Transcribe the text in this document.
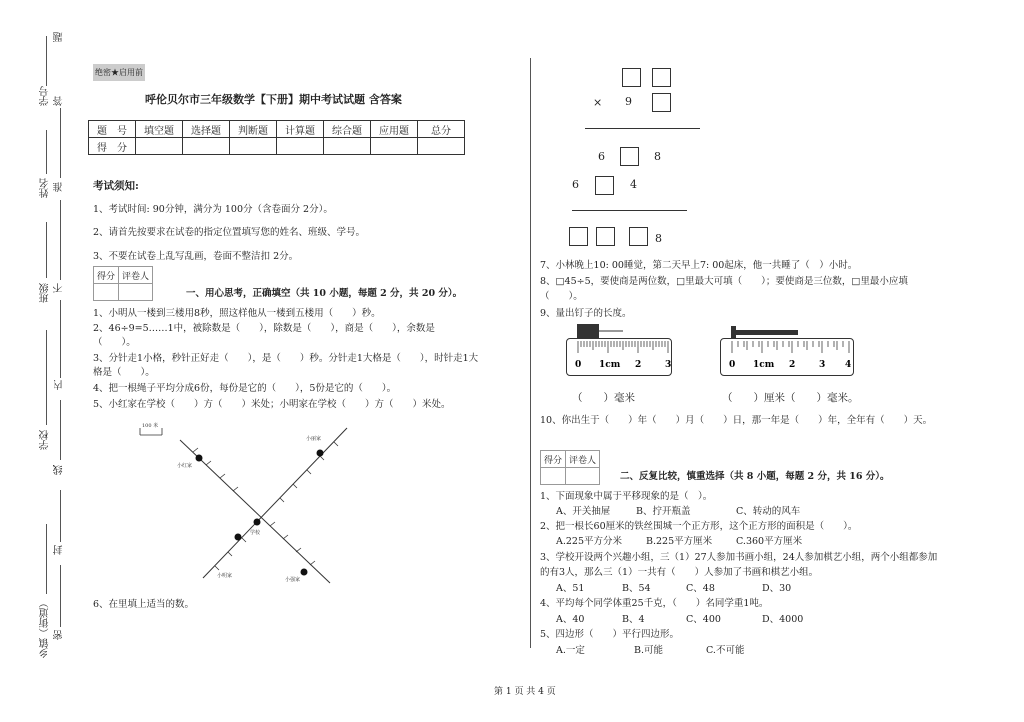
题
答
学号
准
姓名
不
班级
内
学校
线
封
乡镇（街道） 密
绝密★启用前
呼伦贝尔市三年级数学【下册】期中考试试题 含答案
题　号	填空题	选择题	判断题	计算题	综合题	应用题	总分
得　分							
考试须知:
1、考试时间: 90分钟，满分为 100分（含卷面分 2分）。
2、请首先按要求在试卷的指定位置填写您的姓名、班级、学号。
3、不要在试卷上乱写乱画，卷面不整洁扣 2分。
得分	评卷人

一、用心思考，正确填空（共 10 小题，每题 2 分，共 20 分）。
1、小明从一楼到三楼用8秒，照这样他从一楼到五楼用（　　）秒。
2、46÷9=5……1中，被除数是（　　），除数是（　　），商是（　　），余数是
（　　）。
3、分针走1小格，秒针正好走（　　），是（　　）秒。分针走1大格是（　　），时针走1大
格是（　　）。
4、把一根绳子平均分成6份，每份是它的（　　），5份是它的（　　）。
5、小红家在学校（　　）方（　　）米处；小明家在学校（　　）方（　　）米处。
100 米
小红家
小丽家
学校
小明家
小强家
6、在里填上适当的数。
× 9
6	8
6	4
8
7、小林晚上10: 00睡觉，第二天早上7: 00起床，他一共睡了（　）小时。
8、□45÷5，要使商是两位数，□里最大可填（　　）；要使商是三位数，□里最小应填
（　　）。
9、量出钉子的长度。
0 1cm 2	3	0 1cm 2	3 4
（　　）毫米	（　　）厘米（　　）毫米。
10、你出生于（　　）年（　　）月（　　）日，那一年是（　　）年，全年有（　　）天。
得分	评卷人

二、反复比较，慎重选择（共 8 小题，每题 2 分，共 16 分）。
1、下面现象中属于平移现象的是（　）。
A、开关抽屉	B、拧开瓶盖	C、转动的风车
2、把一根长60厘米的铁丝围城一个正方形，这个正方形的面积是（　　）。
A.225平方分米	B.225平方厘米	C.360平方厘米
3、学校开设两个兴趣小组，三（1）27人参加书画小组，24人参加棋艺小组，两个小组都参加
的有3人，那么三（1）一共有（　　）人参加了书画和棋艺小组。
A、51	B、54	C、48	D、30
4、平均每个同学体重25千克，（　　）名同学重1吨。
A、40	B、4	C、400	D、4000
5、四边形（　　）平行四边形。
A.一定	B.可能	C.不可能
第 1 页 共 4 页
